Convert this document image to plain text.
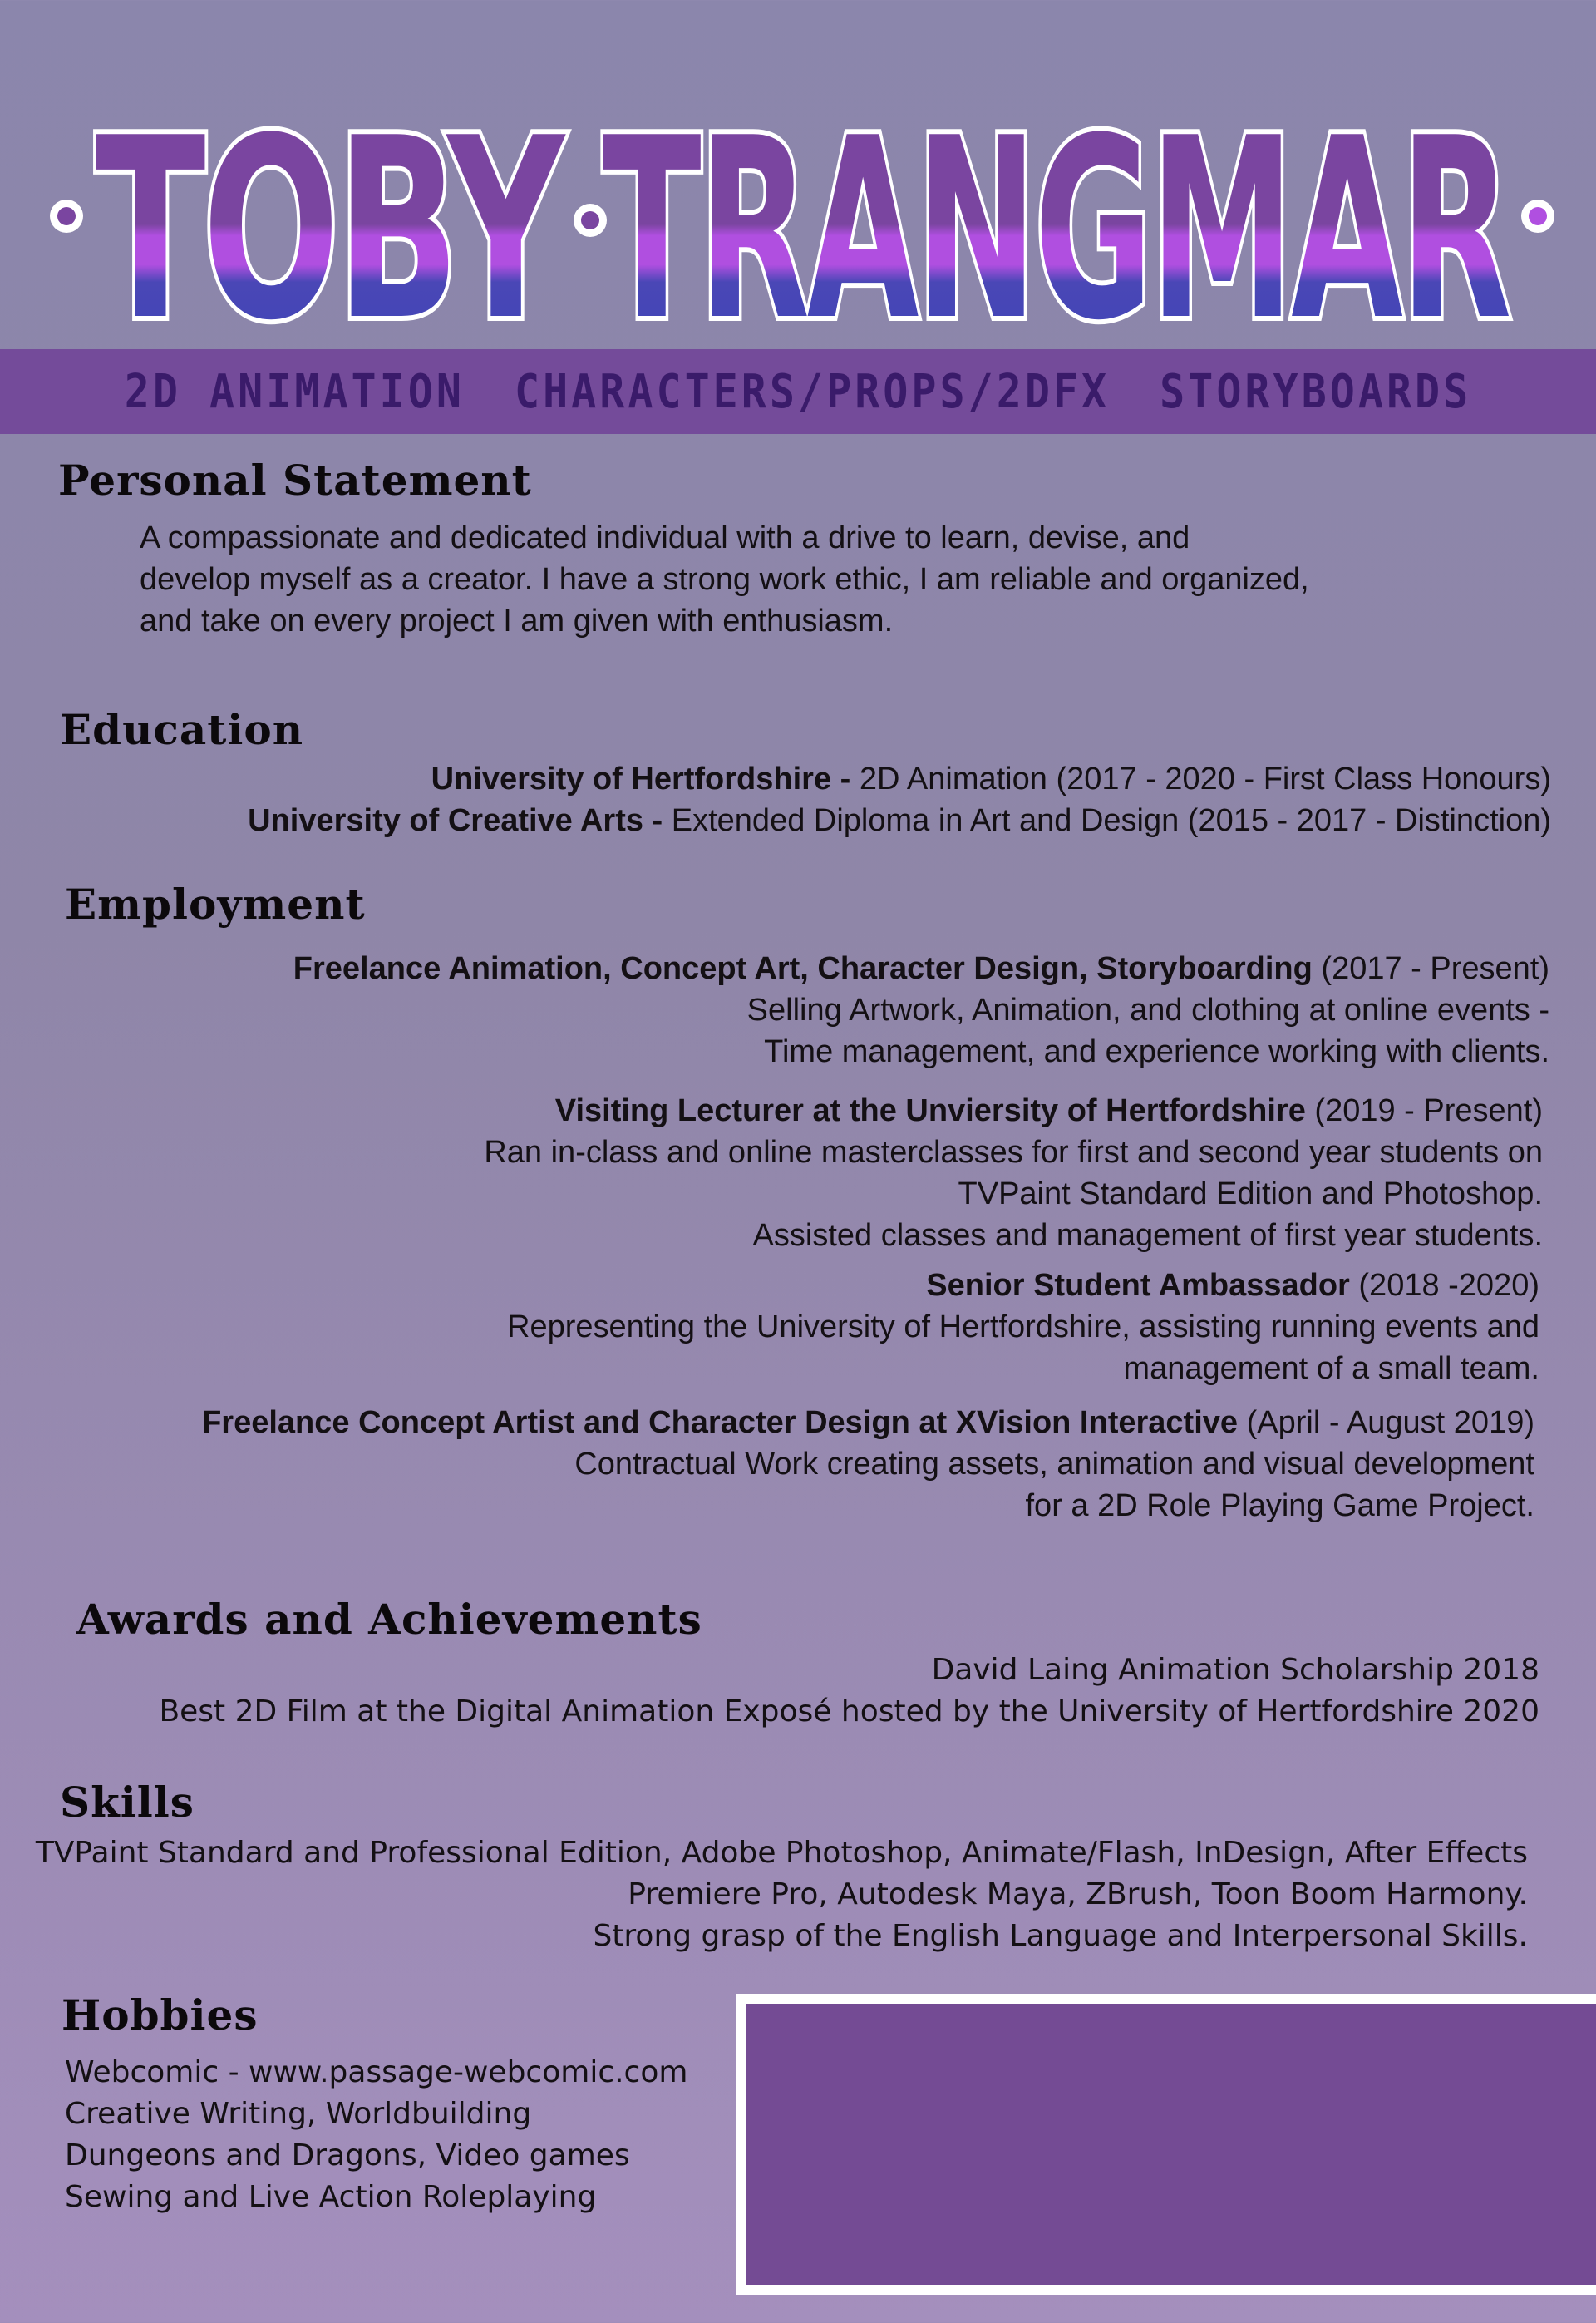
TOBY TRANGMAR
2D ANIMATION CHARACTERS/PROPS/2DFX STORYBOARDS
Personal Statement

A compassionate and dedicated individual with a drive to learn, devise, and

develop myself as a creator. I have a strong work ethic, I am reliable and organized,

and take on every project I am given with enthusiasm.

Education

University of Hertfordshire - 2D Animation (2017 - 2020 - First Class Honours)

University of Creative Arts - Extended Diploma in Art and Design (2015 - 2017 - Distinction)

Employment

Freelance Animation, Concept Art, Character Design, Storyboarding (2017 - Present)

Selling Artwork, Animation, and clothing at online events -

Time management, and experience working with clients.

Visiting Lecturer at the Unviersity of Hertfordshire (2019 - Present)

Ran in-class and online masterclasses for first and second year students on

TVPaint Standard Edition and Photoshop.

Assisted classes and management of first year students.

Senior Student Ambassador (2018 -2020)

Representing the University of Hertfordshire, assisting running events and

management of a small team.

Freelance Concept Artist and Character Design at XVision Interactive (April - August 2019)

Contractual Work creating assets, animation and visual development

for a 2D Role Playing Game Project.

Awards and Achievements

David Laing Animation Scholarship 2018

Best 2D Film at the Digital Animation Exposé hosted by the University of Hertfordshire 2020

Skills

TVPaint Standard and Professional Edition, Adobe Photoshop, Animate/Flash, InDesign, After Effects

Premiere Pro, Autodesk Maya, ZBrush, Toon Boom Harmony.

Strong grasp of the English Language and Interpersonal Skills.

Hobbies

Webcomic - www.passage-webcomic.com

Creative Writing, Worldbuilding

Dungeons and Dragons, Video games

Sewing and Live Action Roleplaying
